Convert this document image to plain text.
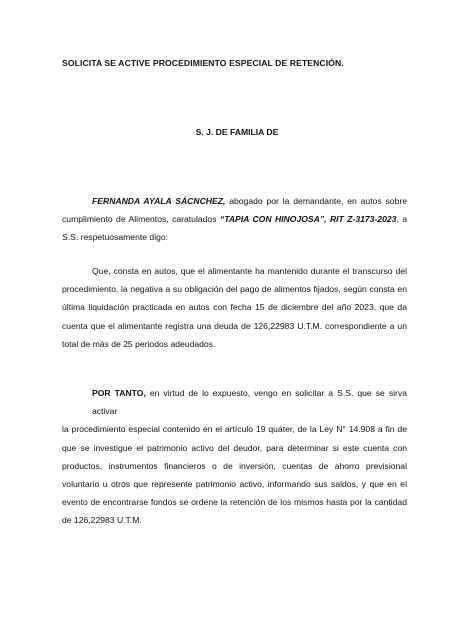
SOLICITA SE ACTIVE PROCEDIMIENTO ESPECIAL DE RETENCIÓN.
S. J. DE FAMILIA DE
FERNANDA AYALA SÁCNCHEZ, abogado por la demandante, en autos sobre
cumplimiento de Alimentos, caratulados “TAPIA CON HINOJOSA”, RIT Z-3173-2023, a
S.S. respetuosamente digo:
Que, consta en autos, que el alimentante ha mantenido durante el transcurso del
procedimiento, la negativa a su obligación del pago de alimentos fijados, según consta en
última liquidación practicada en autos con fecha 15 de diciembre del año 2023, que da
cuenta que el alimentante registra una deuda de 126,22983 U.T.M. correspondiente a un
total de más de 25 periodos adeudados.
POR TANTO, en virtud de lo expuesto, vengo en solicitar a S.S. que se sirva activar
la procedimiento especial contenido en el artículo 19 quáter, de la Ley N° 14.908 a fin de
que se investigue el patrimonio activo del deudor, para determinar si este cuenta con
productos, instrumentos financieros o de inversión, cuentas de ahorro previsional
voluntario u otros que represente patrimonio activo, informando sus saldos, y que en el
evento de encontrarse fondos se ordene la retención de los mismos hasta por la cantidad
de 126,22983 U.T.M.
